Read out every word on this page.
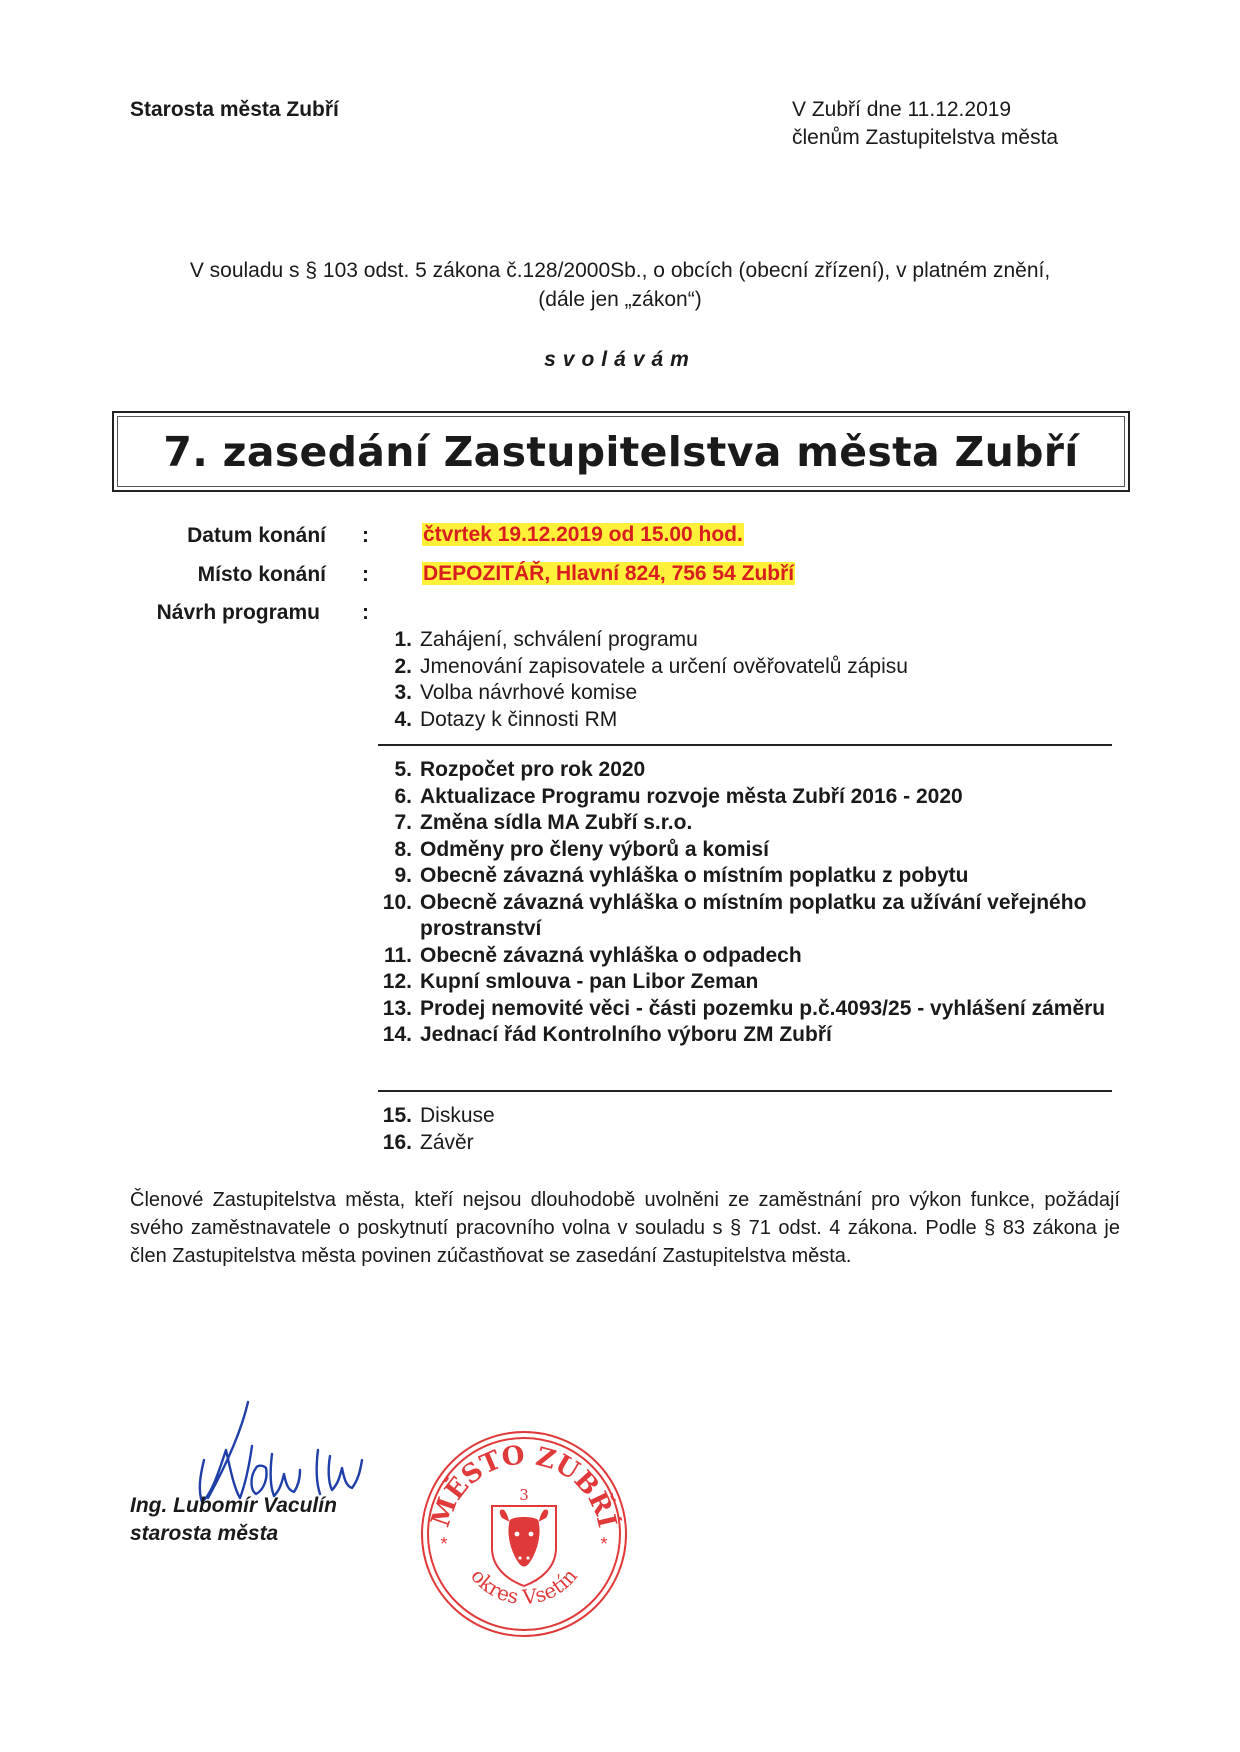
Starosta města Zubří	V Zubří dne 11.12.2019
členům Zastupitelstva města
V souladu s § 103 odst. 5 zákona č.128/2000Sb., o obcích (obecní zřízení), v platném znění,
(dále jen „zákon“)
svolávám
7. zasedání Zastupitelstva města Zubří
Datum konání :	čtvrtek 19.12.2019 od 15.00 hod.
Místo konání :	DEPOZITÁŘ, Hlavní 824, 756 54 Zubří
Návrh programu :
1. Zahájení, schválení programu
2. Jmenování zapisovatele a určení ověřovatelů zápisu
3. Volba návrhové komise
4. Dotazy k činnosti RM
5. Rozpočet pro rok 2020
6. Aktualizace Programu rozvoje města Zubří 2016 - 2020
7. Změna sídla MA Zubří s.r.o.
8. Odměny pro členy výborů a komisí
9. Obecně závazná vyhláška o místním poplatku z pobytu
10. Obecně závazná vyhláška o místním poplatku za užívání veřejného prostranství
11. Obecně závazná vyhláška o odpadech
12. Kupní smlouva - pan Libor Zeman
13. Prodej nemovité věci - části pozemku p.č.4093/25 - vyhlášení záměru
14. Jednací řád Kontrolního výboru ZM Zubří
15. Diskuse
16. Závěr
Členové Zastupitelstva města, kteří nejsou dlouhodobě uvolněni ze zaměstnání pro výkon funkce, požádají svého zaměstnavatele o poskytnutí pracovního volna v souladu s § 71 odst. 4 zákona. Podle § 83 zákona je člen Zastupitelstva města povinen zúčastňovat se zasedání Zastupitelstva města.
Ing. Lubomír Vaculín
starosta města
MĚSTO ZUBŘÍ
okres Vsetín
3
*	*
